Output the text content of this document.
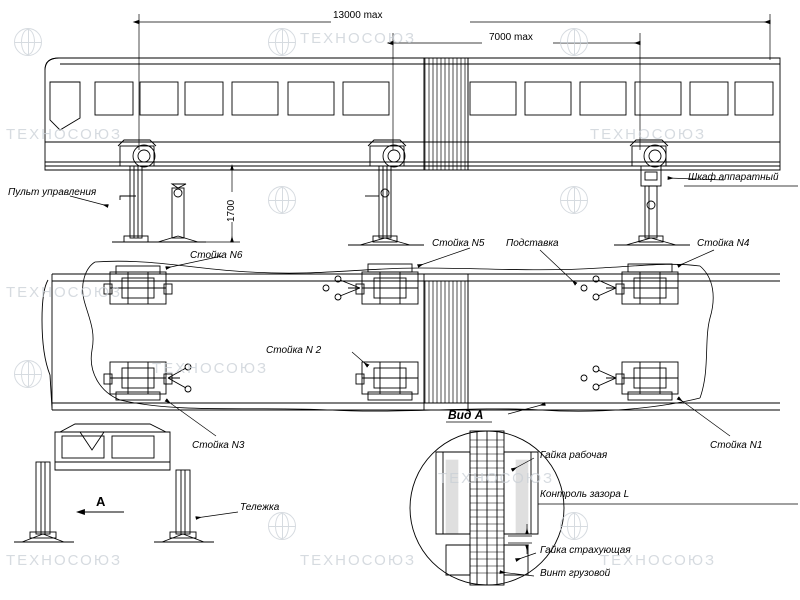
ТЕХНОСОЮЗ
ТЕХНОСОЮЗ
ТЕХНОСОЮЗ
ТЕХНОСОЮЗ
ТЕХНОСОЮЗ
ТЕХНОСОЮЗ
ТЕХНОСОЮЗ	ТЕХНОСОЮЗ	ТЕХНОСОЮЗ
13000 max
7000 max
1700
Пульт управления
Шкаф аппаратный
Стойка N6
Стойка N5 Подставка	Стойка N4
Стойка N 2
Стойка N3	Стойка N1
Вид А
А	Тележка
Гайка рабочая
Контроль зазора L
Гайка страхующая
Винт грузовой
